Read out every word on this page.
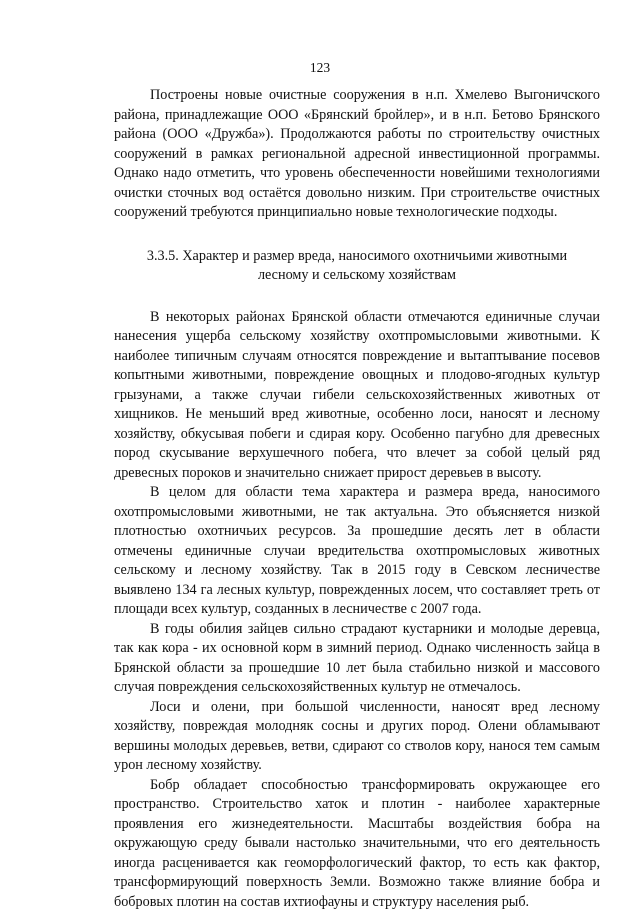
123

Построены новые очистные сооружения в н.п. Хмелево Выгоничского района, принадлежащие ООО «Брянский бройлер», и в н.п. Бетово Брянского района (ООО «Дружба»). Продолжаются работы по строительству очистных сооружений в рамках региональной адресной инвестиционной программы. Однако надо отметить, что уровень обеспеченности новейшими технологиями очистки сточных вод остаётся довольно низким. При строительстве очистных сооружений требуются принципиально новые технологические подходы.

3.3.5. Характер и размер вреда, наносимого охотничьими животными
лесному и сельскому хозяйствам

В некоторых районах Брянской области отмечаются единичные случаи нанесения ущерба сельскому хозяйству охотпромысловыми животными. К наиболее типичным случаям относятся повреждение и вытаптывание посевов копытными животными, повреждение овощных и плодово-ягодных культур грызунами, а также случаи гибели сельскохозяйственных животных от хищников. Не меньший вред животные, особенно лоси, наносят и лесному хозяйству, обкусывая побеги и сдирая кору. Особенно пагубно для древесных пород скусывание верхушечного побега, что влечет за собой целый ряд древесных пороков и значительно снижает прирост деревьев в высоту.

В целом для области тема характера и размера вреда, наносимого охотпромысловыми животными, не так актуальна. Это объясняется низкой плотностью охотничьих ресурсов. За прошедшие десять лет в области отмечены единичные случаи вредительства охотпромысловых животных сельскому и лесному хозяйству. Так в 2015 году в Севском лесничестве выявлено 134 га лесных культур, поврежденных лосем, что составляет треть от площади всех культур, созданных в лесничестве с 2007 года.

В годы обилия зайцев сильно страдают кустарники и молодые деревца, так как кора - их основной корм в зимний период. Однако численность зайца в Брянской области за прошедшие 10 лет была стабильно низкой и массового случая повреждения сельскохозяйственных культур не отмечалось.

Лоси и олени, при большой численности, наносят вред лесному хозяйству, повреждая молодняк сосны и других пород. Олени обламывают вершины молодых деревьев, ветви, сдирают со стволов кору, нанося тем самым урон лесному хозяйству.

Бобр обладает способностью трансформировать окружающее его пространство. Строительство хаток и плотин - наиболее характерные проявления его жизнедеятельности. Масштабы воздействия бобра на окружающую среду бывали настолько значительными, что его деятельность иногда расценивается как геоморфологический фактор, то есть как фактор, трансформирующий поверхность Земли. Возможно также влияние бобра и бобровых плотин на состав ихтиофауны и структуру населения рыб.
